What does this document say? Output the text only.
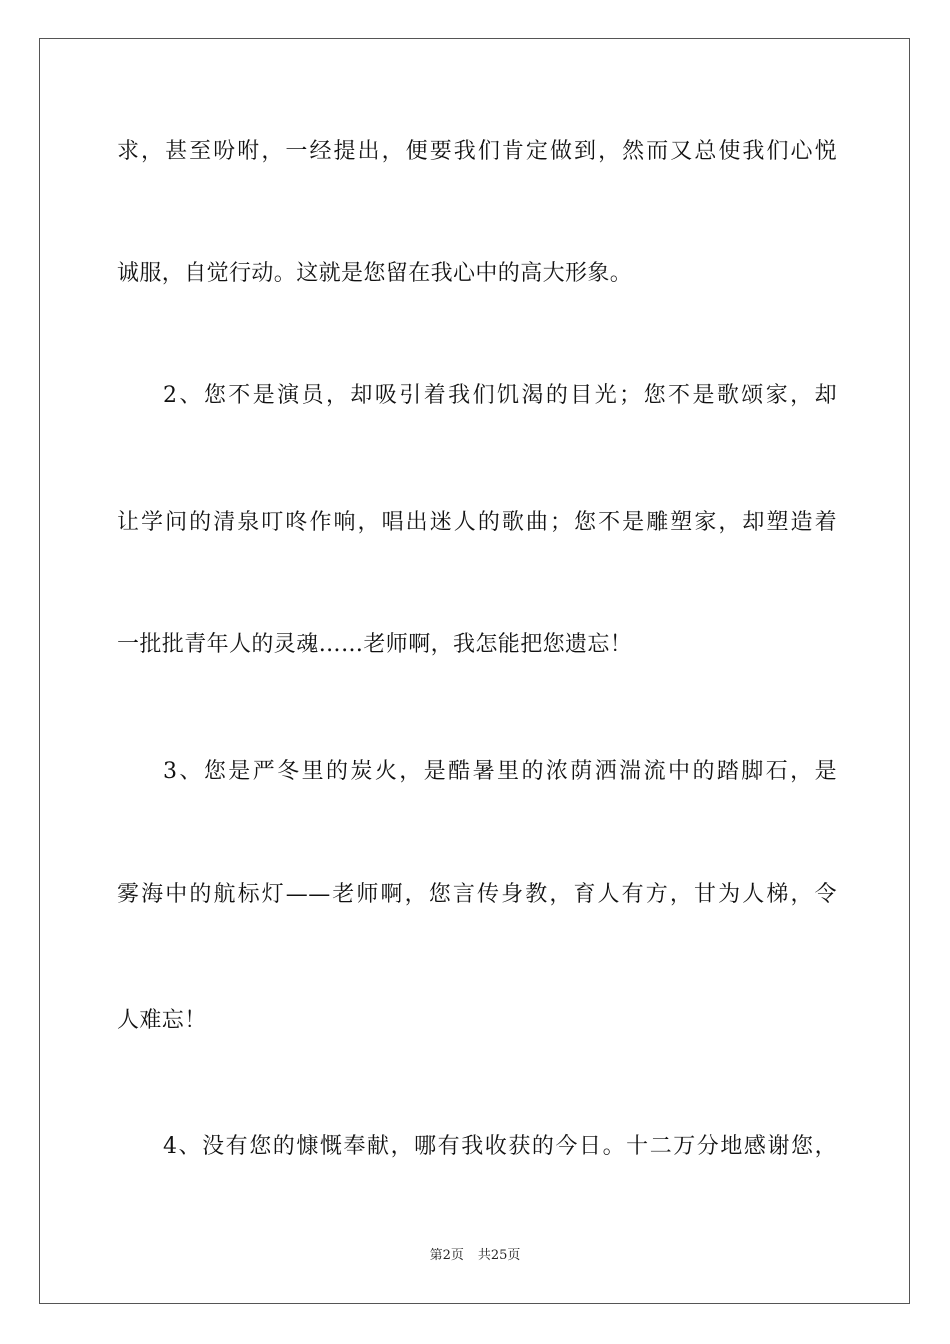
求，甚至吩咐，一经提出，便要我们肯定做到，然而又总使我们心悦
诚服，自觉行动。这就是您留在我心中的高大形象。
2、您不是演员，却吸引着我们饥渴的目光；您不是歌颂家，却
让学问的清泉叮咚作响，唱出迷人的歌曲；您不是雕塑家，却塑造着
一批批青年人的灵魂……老师啊，我怎能把您遗忘！
3、您是严冬里的炭火，是酷暑里的浓荫洒湍流中的踏脚石，是
雾海中的航标灯——老师啊，您言传身教，育人有方，甘为人梯，令
人难忘！
4、没有您的慷慨奉献，哪有我收获的今日。十二万分地感谢您，
第2页 共25页
